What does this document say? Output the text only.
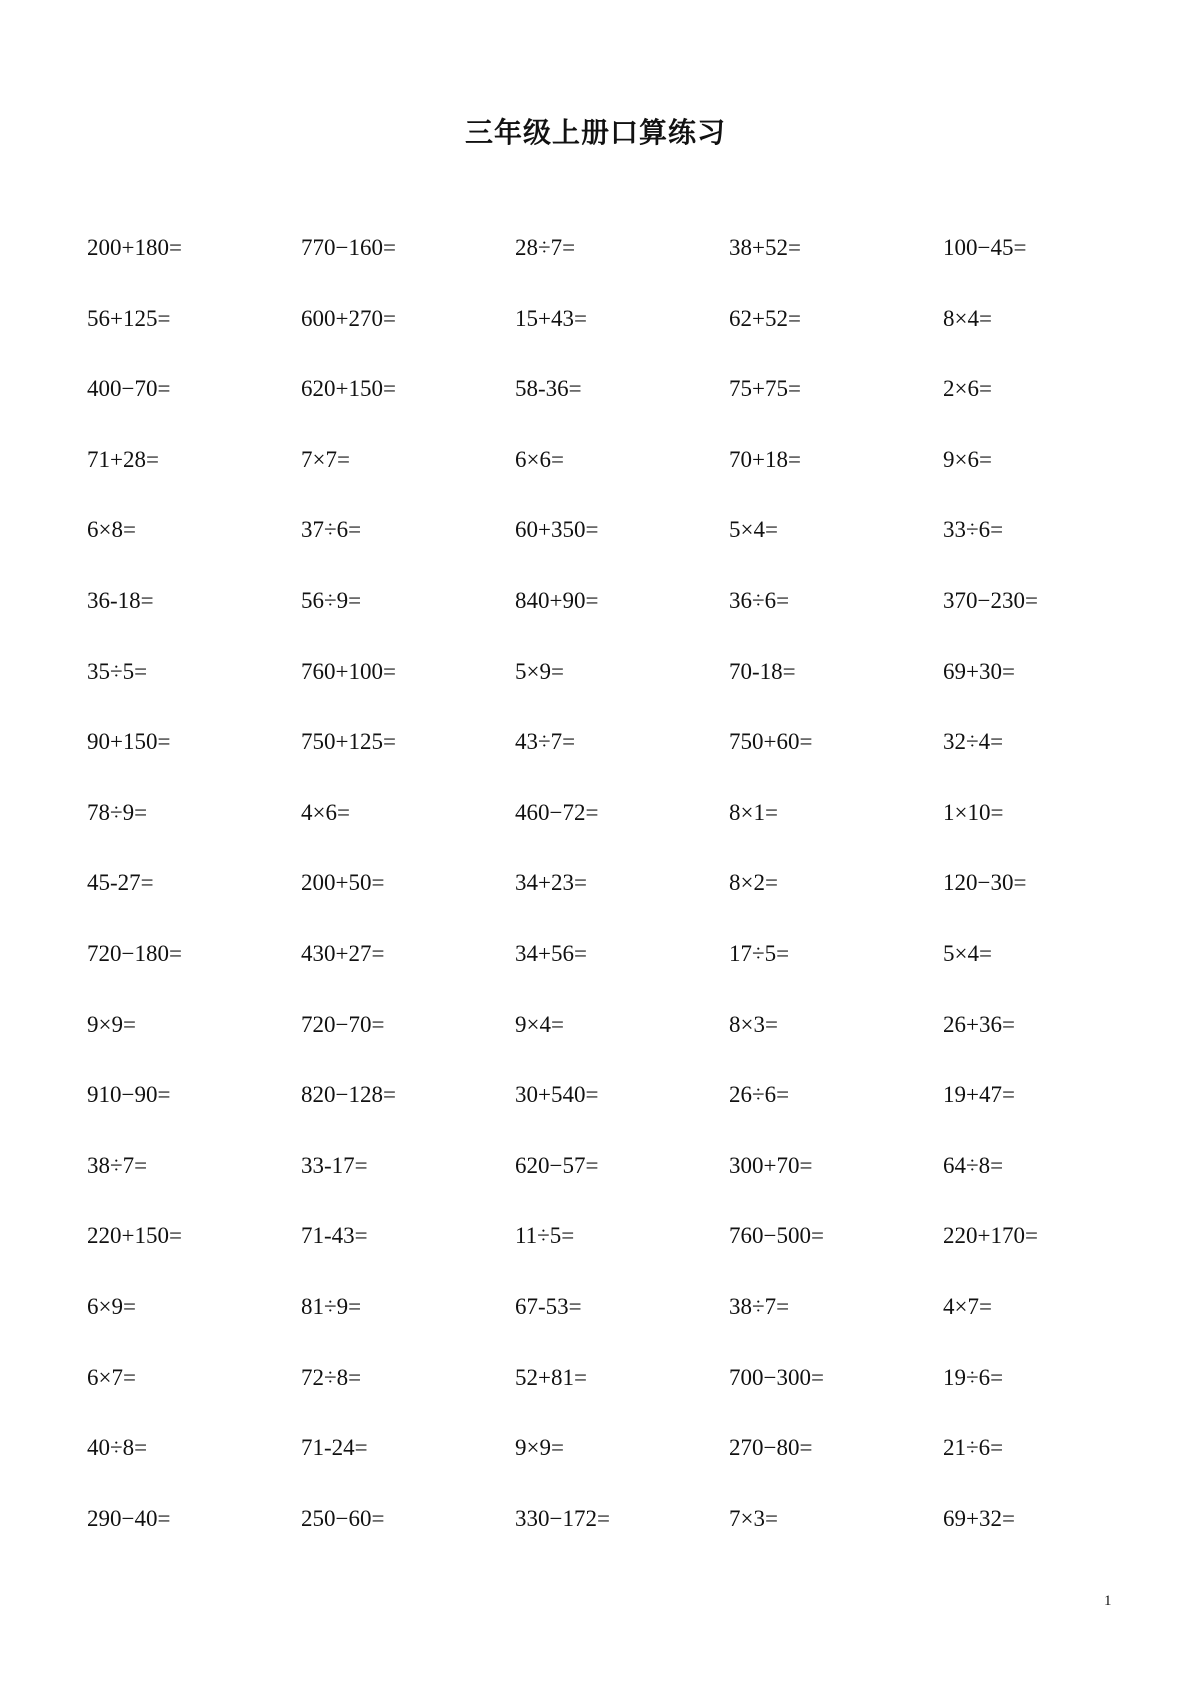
三年级上册口算练习
200+180=	770−160=	28÷7=	38+52=	100−45=
56+125=	600+270=	15+43=	62+52=	8×4=
400−70=	620+150=	58-36=	75+75=	2×6=
71+28=	7×7=	6×6=	70+18=	9×6=
6×8=	37÷6=	60+350=	5×4=	33÷6=
36-18=	56÷9=	840+90=	36÷6=	370−230=
35÷5=	760+100=	5×9=	70-18=	69+30=
90+150=	750+125=	43÷7=	750+60=	32÷4=
78÷9=	4×6=	460−72=	8×1=	1×10=
45-27=	200+50=	34+23=	8×2=	120−30=
720−180=	430+27=	34+56=	17÷5=	5×4=
9×9=	720−70=	9×4=	8×3=	26+36=
910−90=	820−128=	30+540=	26÷6=	19+47=
38÷7=	33-17=	620−57=	300+70=	64÷8=
220+150=	71-43=	11÷5=	760−500=	220+170=
6×9=	81÷9=	67-53=	38÷7=	4×7=
6×7=	72÷8=	52+81=	700−300=	19÷6=
40÷8=	71-24=	9×9=	270−80=	21÷6=
290−40=	250−60=	330−172=	7×3=	69+32=
1
